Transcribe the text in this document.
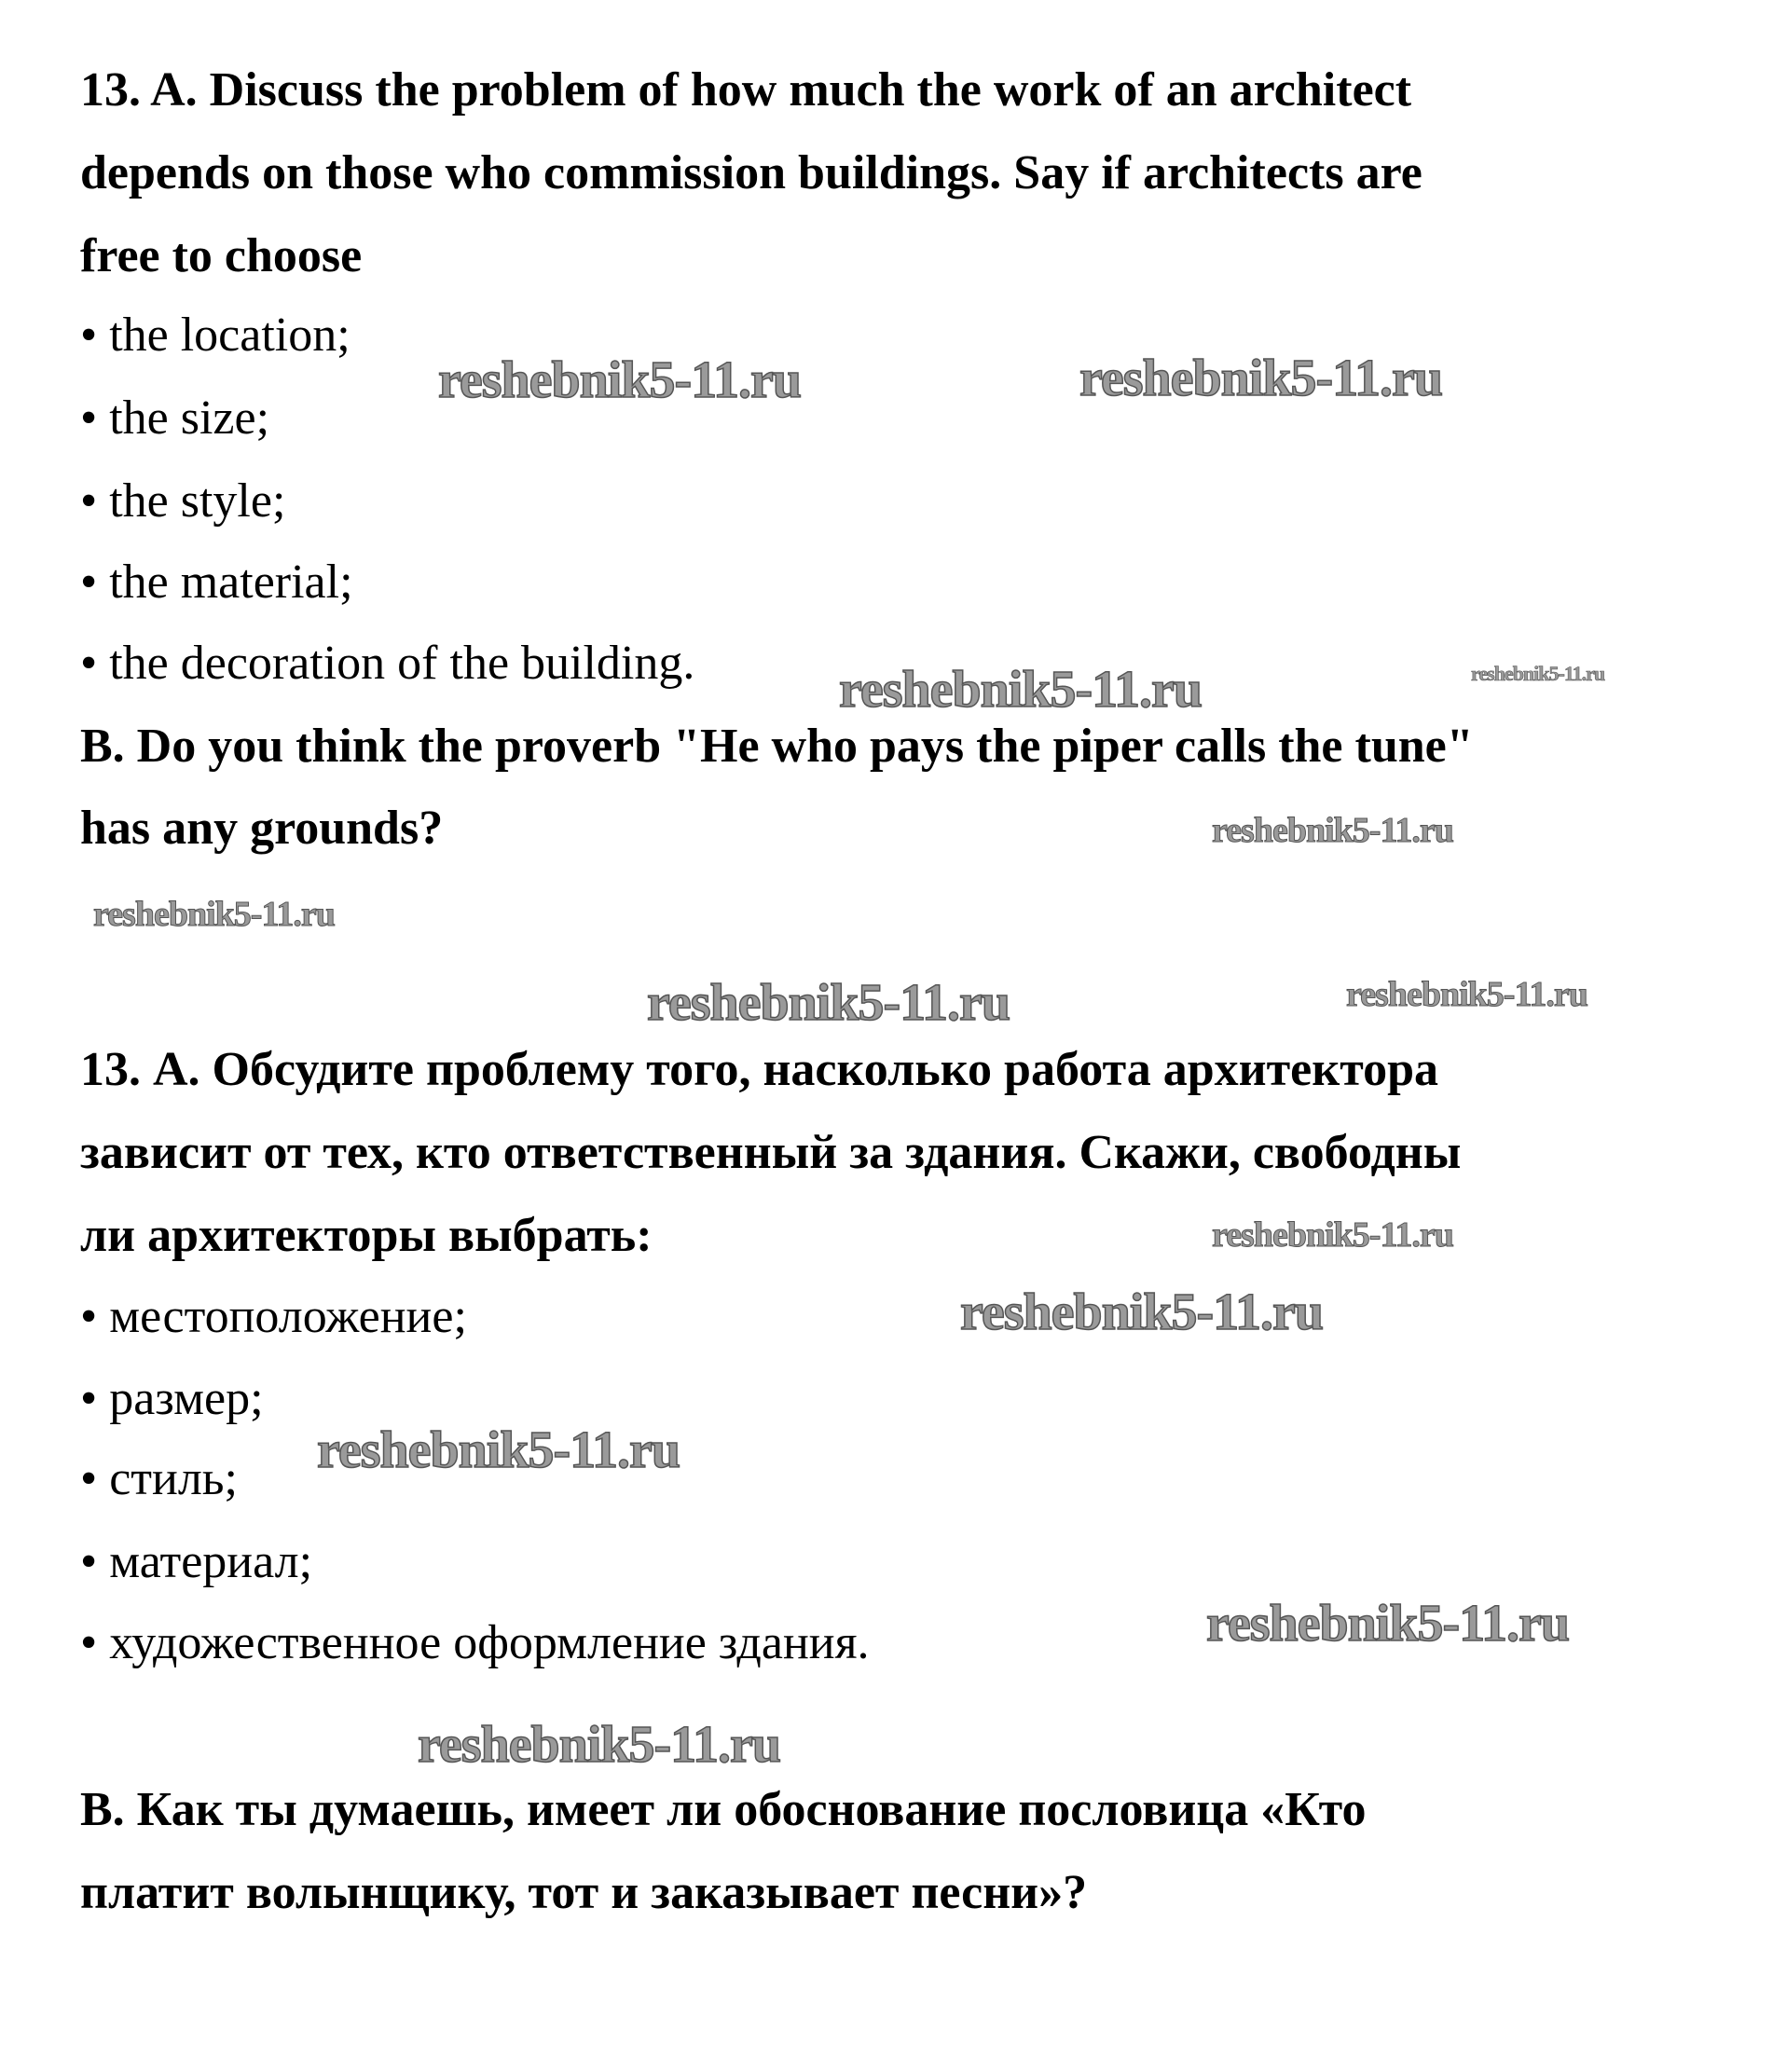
13. A. Discuss the problem of how much the work of an architect
depends on those who commission buildings. Say if architects are
free to choose
• the location;
• the size;
• the style;
• the material;
• the decoration of the building.
B. Do you think the proverb "He who pays the piper calls the tune"
has any grounds?
13. А. Обсудите проблему того, насколько работа архитектора
зависит от тех, кто ответственный за здания. Скажи, свободны
ли архитекторы выбрать:
• местоположение;
• размер;
• стиль;
• материал;
• художественное оформление здания.
В. Как ты думаешь, имеет ли обоснование пословица «Кто
платит волынщику, тот и заказывает песни»?
reshebnik5-11.ru	reshebnik5-11.ru
reshebnik5-11.ru	reshebnik5-11.ru
reshebnik5-11.ru
reshebnik5-11.ru
reshebnik5-11.ru	reshebnik5-11.ru
reshebnik5-11.ru
reshebnik5-11.ru
reshebnik5-11.ru
reshebnik5-11.ru
reshebnik5-11.ru
